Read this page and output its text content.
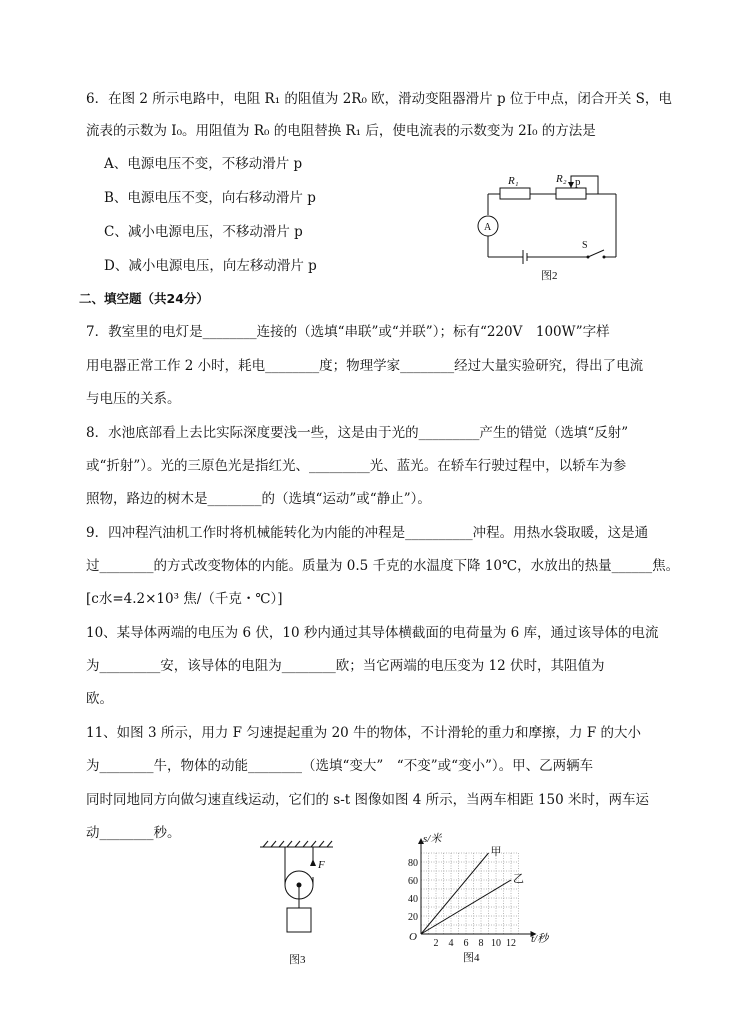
6．在图 2 所示电路中，电阻 R₁ 的阻值为 2R₀ 欧，滑动变阻器滑片 p 位于中点，闭合开关 S，电
流表的示数为 I₀。用阻值为 R₀ 的电阻替换 R₁ 后，使电流表的示数变为 2I₀ 的方法是
A、电源电压不变，不移动滑片 p
B、电源电压不变，向右移动滑片 p
C、减小电源电压，不移动滑片 p
D、减小电源电压，向左移动滑片 p
R₁	R₂ p
A
S
图2
二、填空题（共24分）
7．教室里的电灯是________连接的（选填“串联”或“并联”）；标有“220V　100W”字样
用电器正常工作 2 小时，耗电________度；物理学家________经过大量实验研究，得出了电流
与电压的关系。
8．水池底部看上去比实际深度要浅一些，这是由于光的_________产生的错觉（选填“反射”
或“折射”）。光的三原色光是指红光、_________光、蓝光。在轿车行驶过程中，以轿车为参
照物，路边的树木是________的（选填“运动”或“静止”）。
9．四冲程汽油机工作时将机械能转化为内能的冲程是__________冲程。用热水袋取暖，这是通
过________的方式改变物体的内能。质量为 0.5 千克的水温度下降 10℃，水放出的热量______焦。
[c水=4.2×10³ 焦/（千克・℃）]
10、某导体两端的电压为 6 伏，10 秒内通过其导体横截面的电荷量为 6 库，通过该导体的电流
为_________安，该导体的电阻为________欧；当它两端的电压变为 12 伏时，其阻值为
欧。
11、如图 3 所示，用力 F 匀速提起重为 20 牛的物体，不计滑轮的重力和摩擦，力 F 的大小
为________牛，物体的动能________（选填“变大”　“不变”或“变小”）。甲、乙两辆车
同时同地同方向做匀速直线运动，它们的 s-t 图像如图 4 所示，当两车相距 150 米时，两车运
动________秒。
F
图3
2 4 6 8 10 12
20
40
60
80
甲
乙
s/米
t/秒
O
图4
